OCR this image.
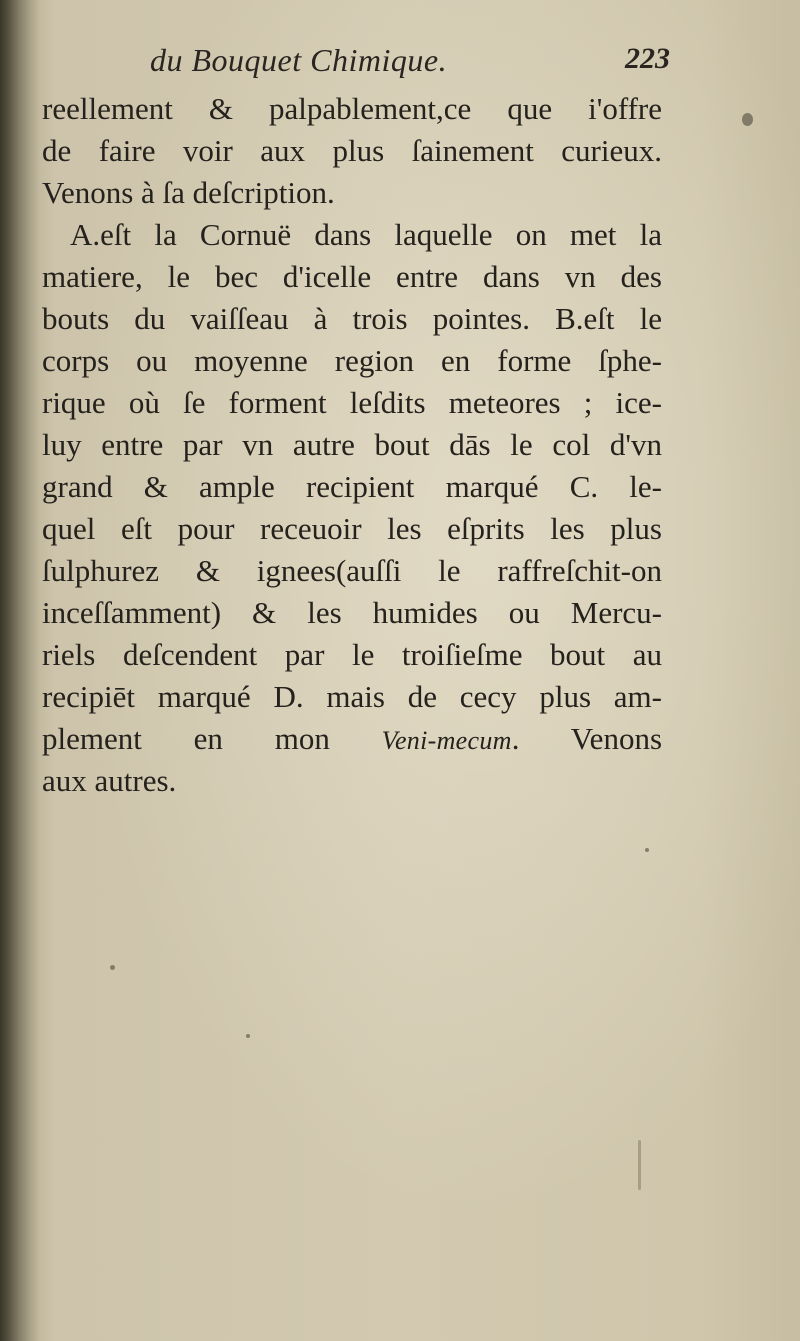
du Bouquet Chimique.	223
reellement & palpablement,ce que i'offre
de faire voir aux plus ſainement curieux.
Venons à ſa deſcription.
A.eſt la Cornuë dans laquelle on met la
matiere, le bec d'icelle entre dans vn des
bouts du vaiſſeau à trois pointes. B.eſt le
corps ou moyenne region en forme ſphe-
rique où ſe forment leſdits meteores ; ice-
luy entre par vn autre bout dās le col d'vn
grand & ample recipient marqué C. le-
quel eſt pour receuoir les eſprits les plus
ſulphurez & ignees(auſſi le raffreſchit-on
inceſſamment) & les humides ou Mercu-
riels deſcendent par le troiſieſme bout au
recipiēt marqué D. mais de cecy plus am-
plement en mon Veni-mecum. Venons
aux autres.
